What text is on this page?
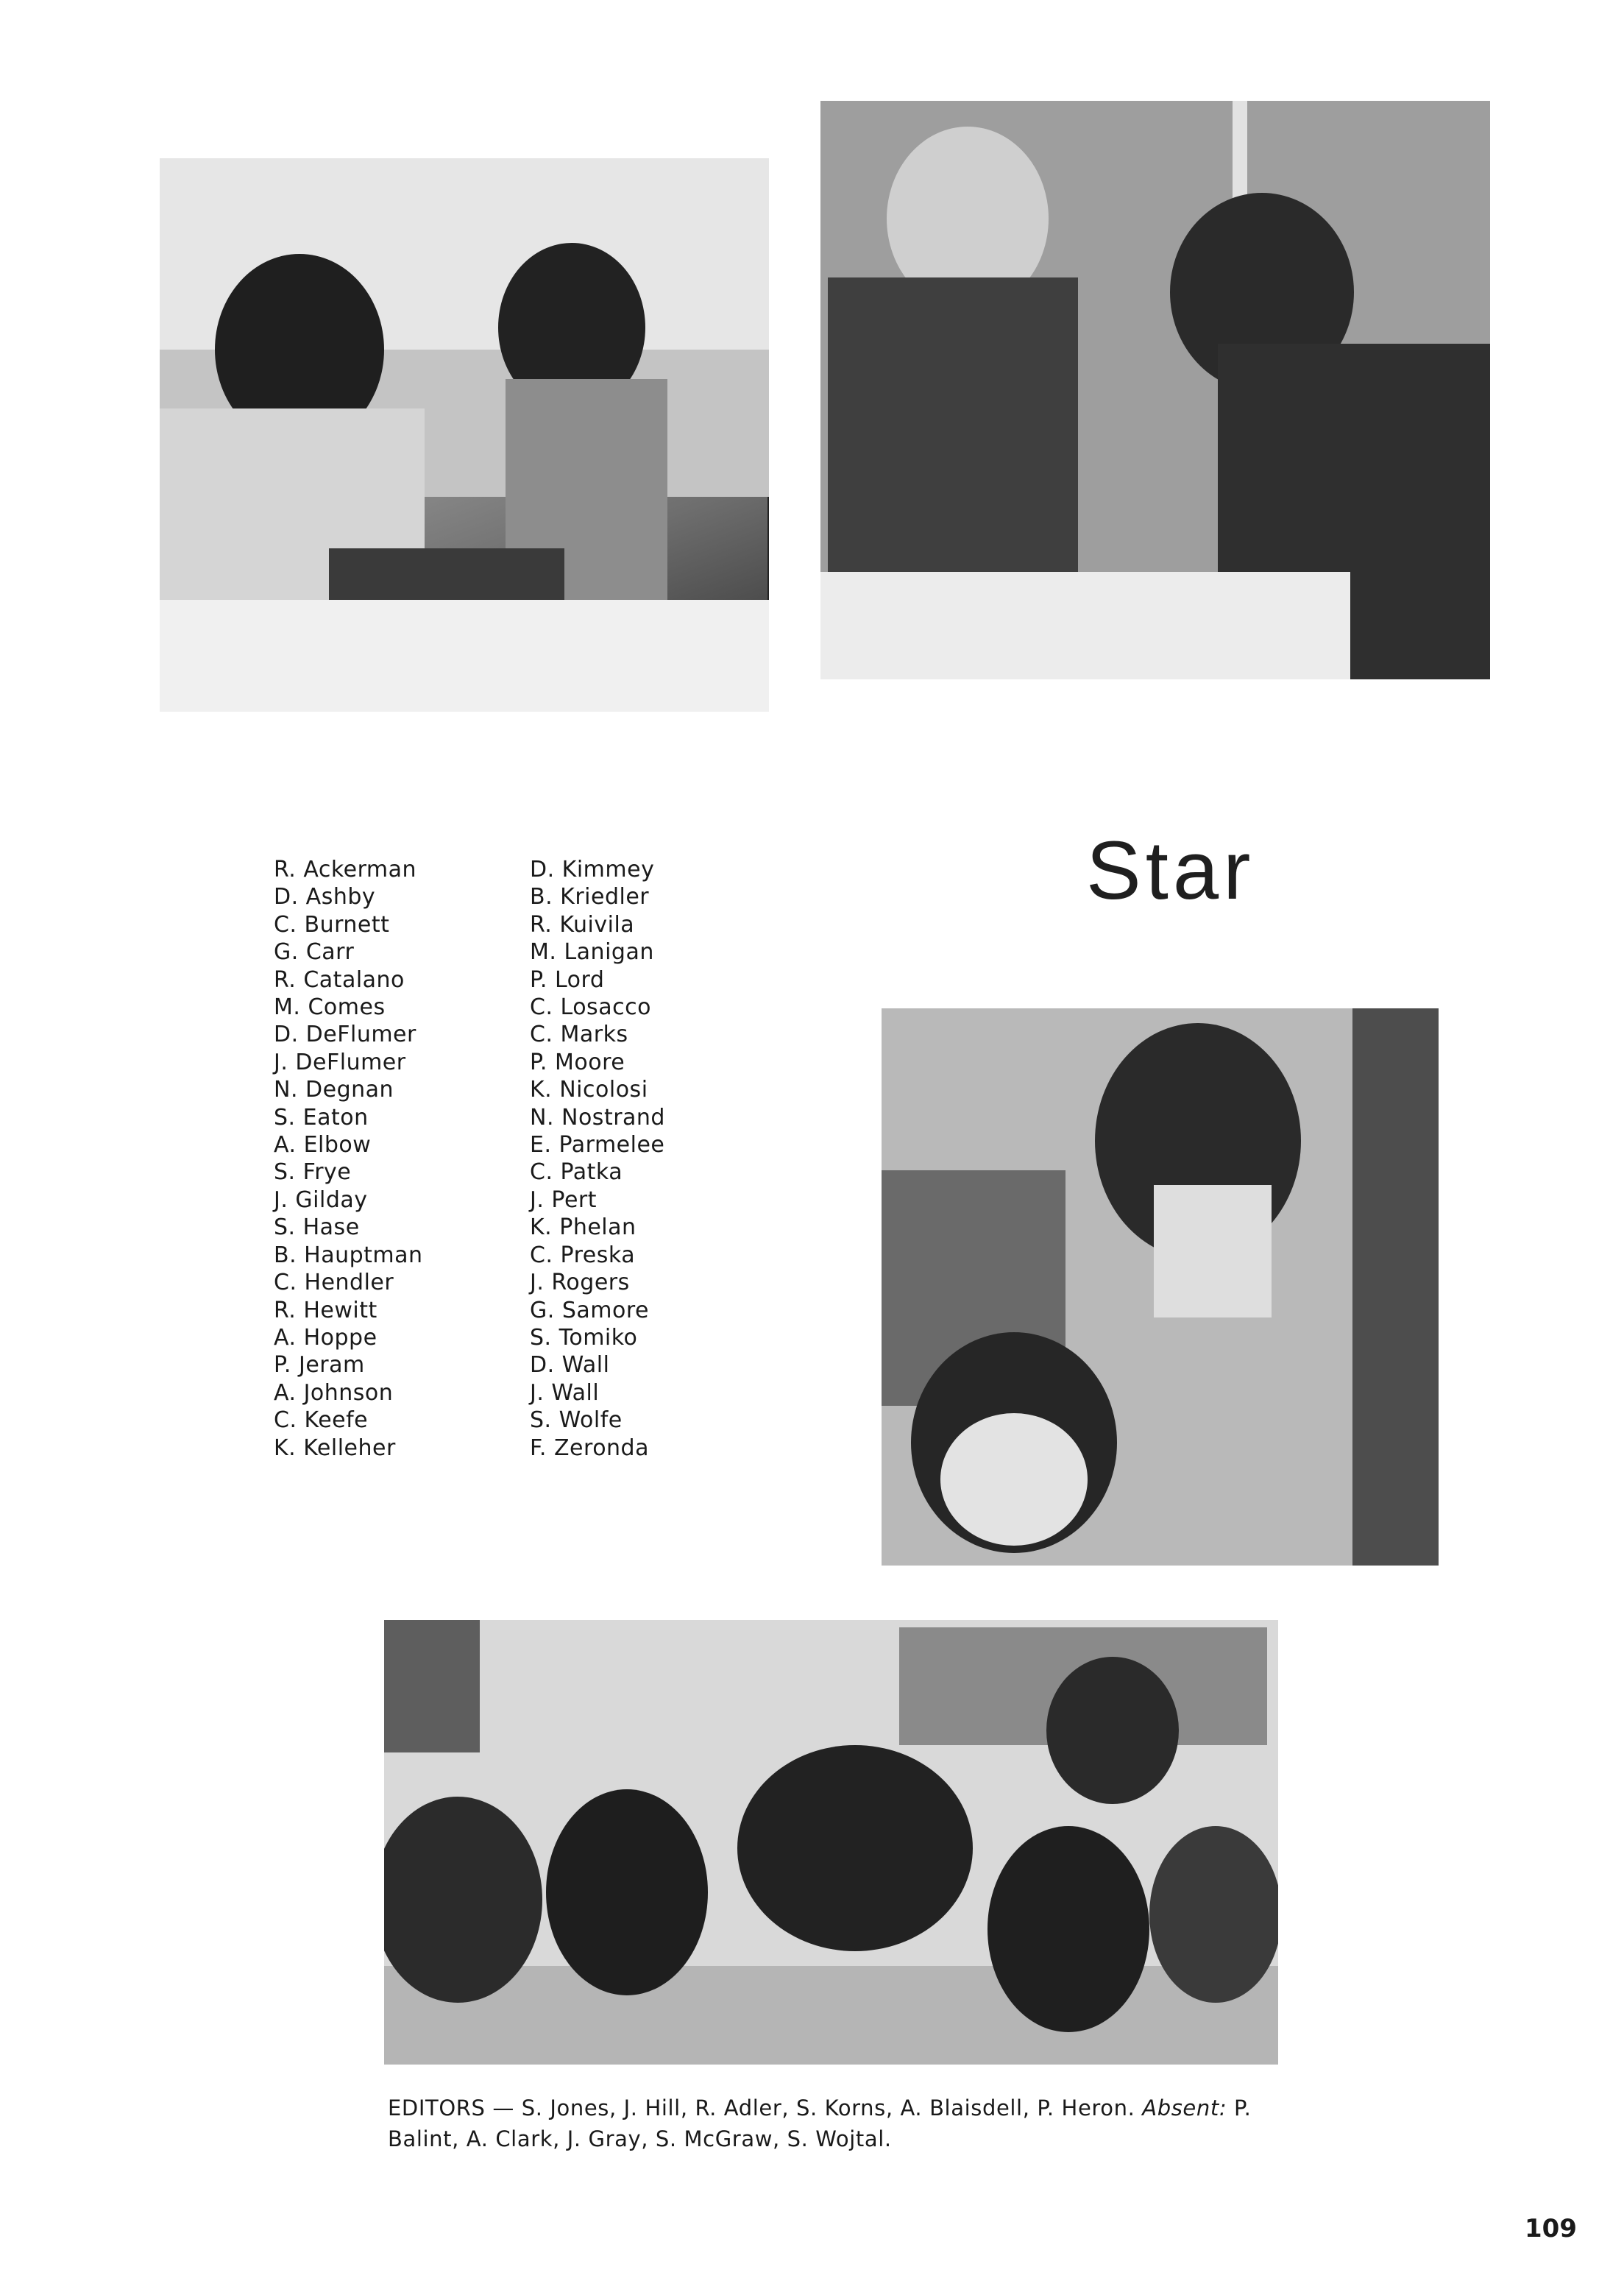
Star
R. Ackerman
D. Ashby
C. Burnett
G. Carr
R. Catalano
M. Comes
D. DeFlumer
J. DeFlumer
N. Degnan
S. Eaton
A. Elbow
S. Frye
J. Gilday
S. Hase
B. Hauptman
C. Hendler
R. Hewitt
A. Hoppe
P. Jeram
A. Johnson
C. Keefe
K. Kelleher
D. Kimmey
B. Kriedler
R. Kuivila
M. Lanigan
P. Lord
C. Losacco
C. Marks
P. Moore
K. Nicolosi
N. Nostrand
E. Parmelee
C. Patka
J. Pert
K. Phelan
C. Preska
J. Rogers
G. Samore
S. Tomiko
D. Wall
J. Wall
S. Wolfe
F. Zeronda
EDITORS — S. Jones, J. Hill, R. Adler, S. Korns, A. Blaisdell, P. Heron. Absent: P. Balint, A. Clark, J. Gray, S. McGraw, S. Wojtal.
109
